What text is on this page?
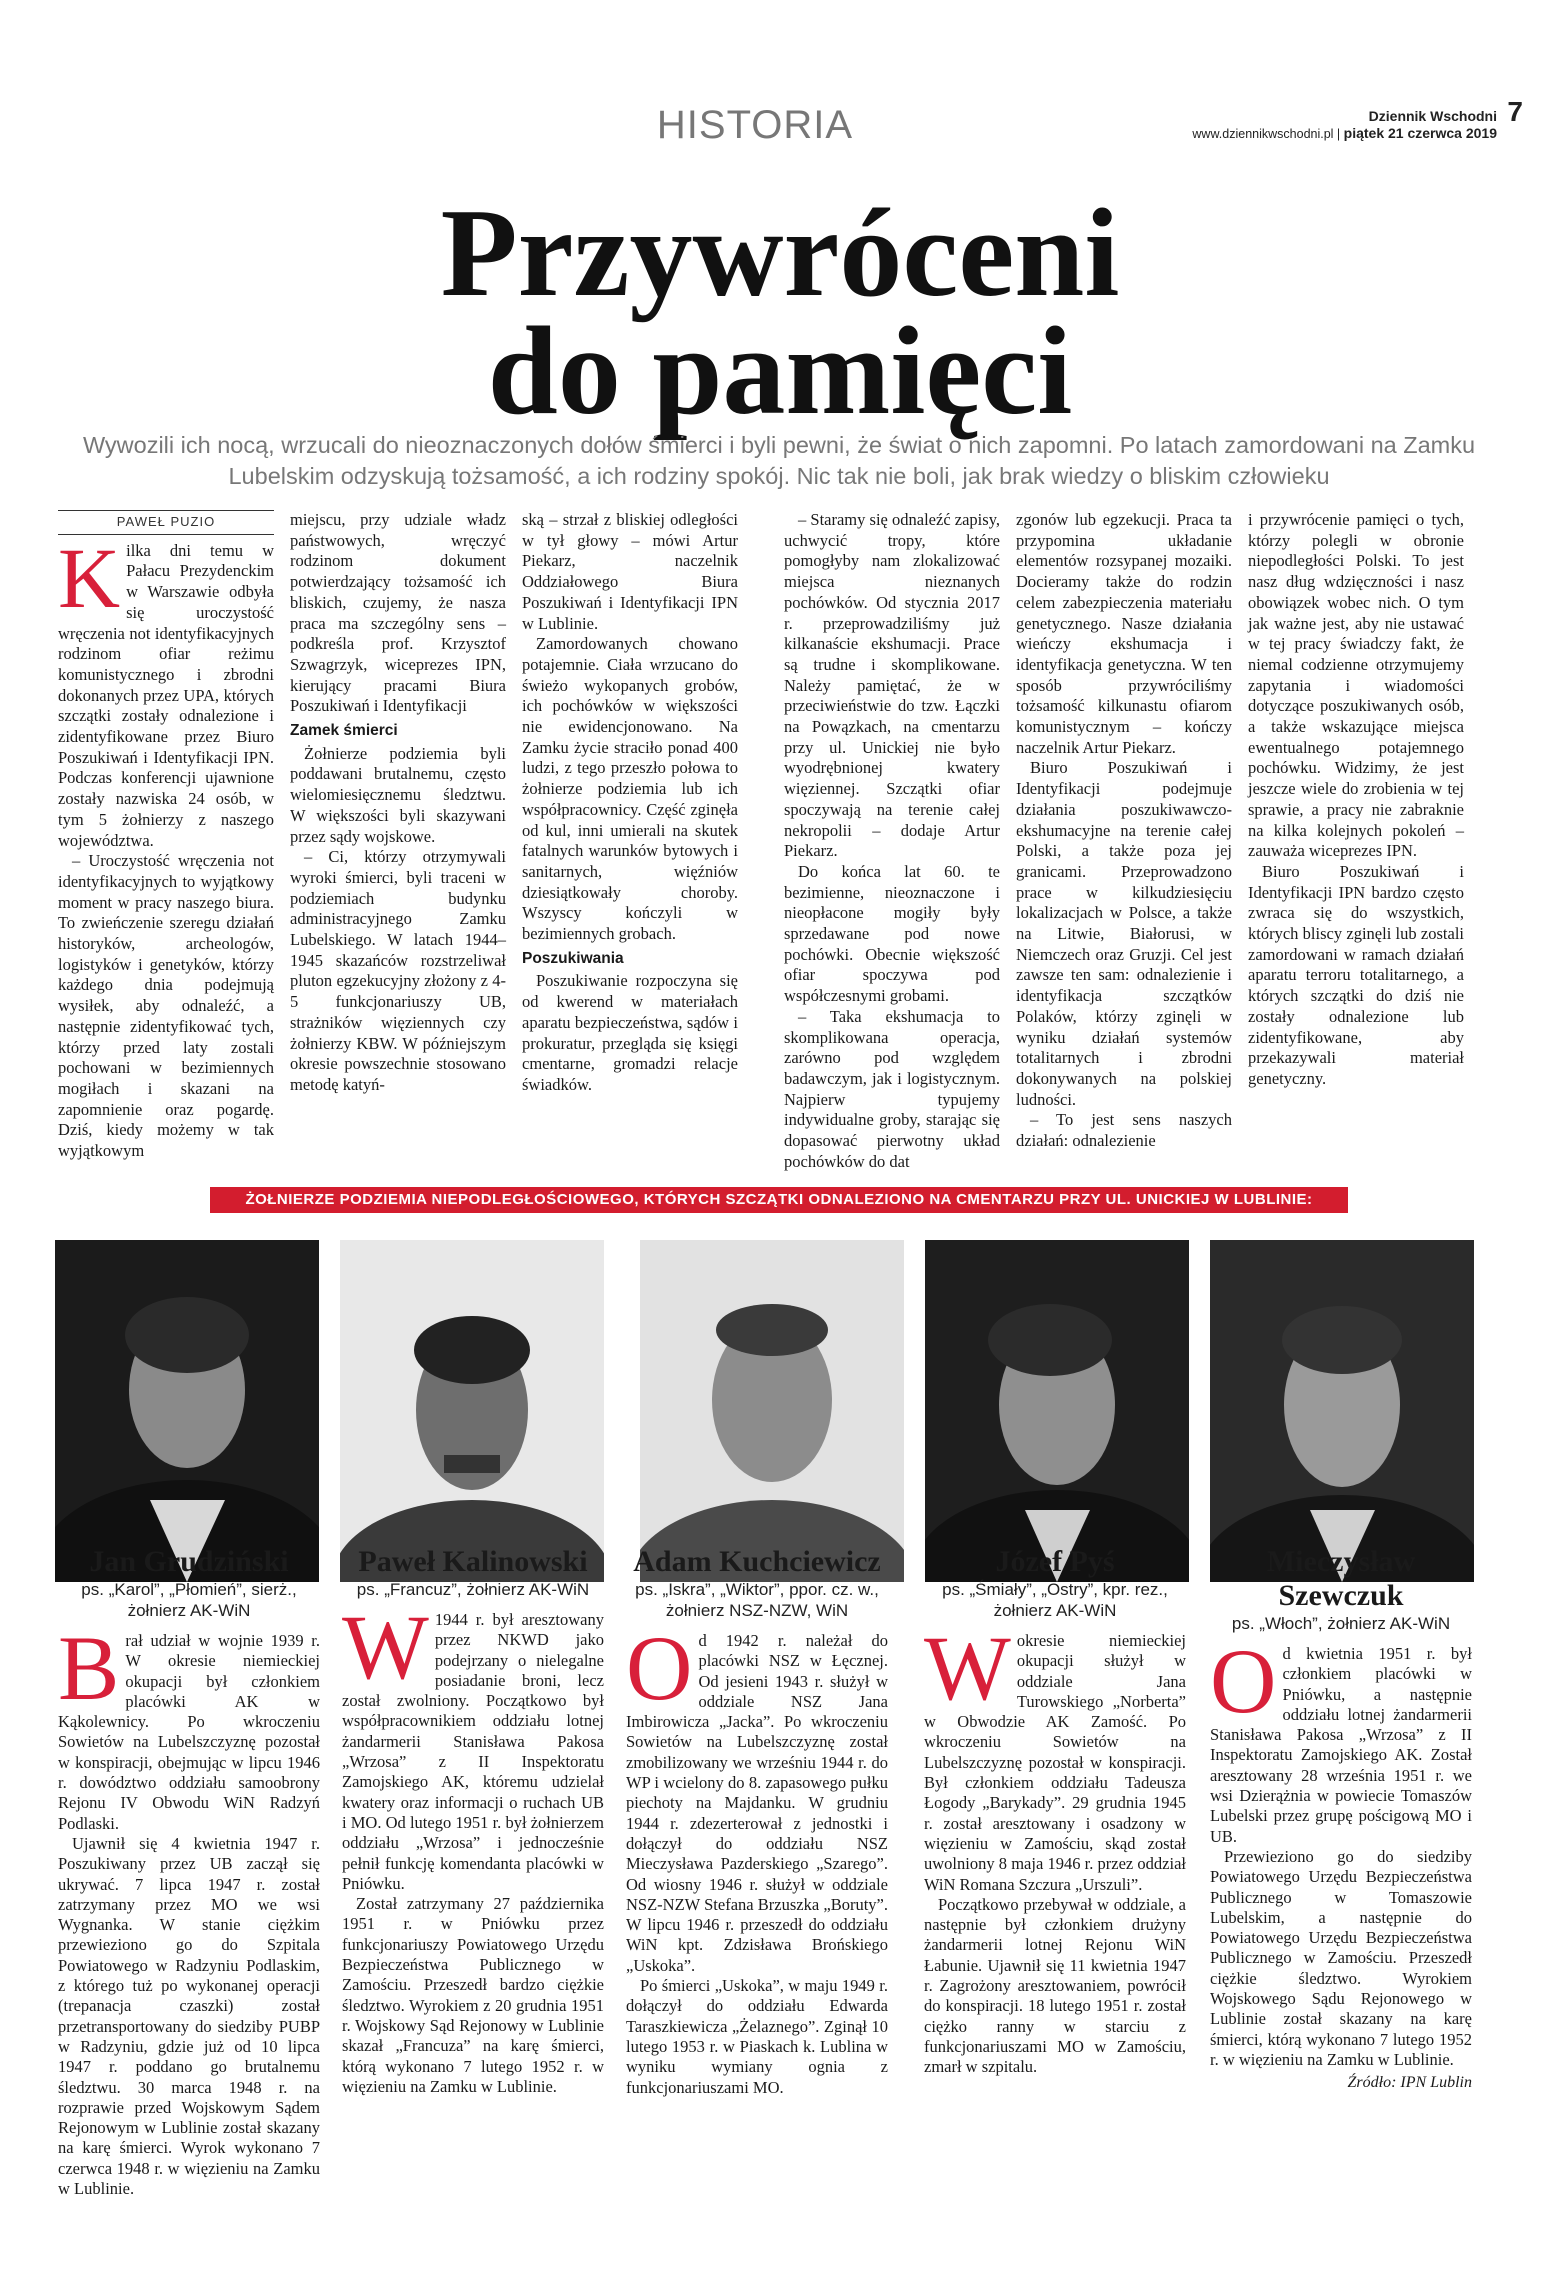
HISTORIA	Dziennik Wschodni
www.dziennikwschodni.pl | piątek 21 czerwca 2019
7
Przywróceni
do pamięci
Wywozili ich nocą, wrzucali do nieoznaczonych dołów śmierci i byli pewni, że świat o nich zapomni. Po latach zamordowani na Zamku Lubelskim odzyskują tożsamość, a ich rodziny spokój. Nic tak nie boli, jak brak wiedzy o bliskim człowieku
PAWEŁ PUZIO
K ilka dni temu w Pałacu Prezydenckim w Warszawie odbyła się uroczystość wręczenia not identyfikacyjnych rodzinom ofiar reżimu komunistycznego i zbrodni dokonanych przez UPA, których szczątki zostały odnalezione i zidentyfikowane przez Biuro Poszukiwań i Identyfikacji IPN. Podczas konferencji ujawnione zostały nazwiska 24 osób, w tym 5 żołnierzy z naszego województwa.

– Uroczystość wręczenia not identyfikacyjnych to wyjątkowy moment w pracy naszego biura. To zwieńczenie szeregu działań historyków, archeologów, logistyków i genetyków, którzy każdego dnia podejmują wysiłek, aby odnaleźć, a następnie zidentyfikować tych, którzy przed laty zostali pochowani w bezimiennych mogiłach i skazani na zapomnienie oraz pogardę. Dziś, kiedy możemy w tak wyjątkowym

miejscu, przy udziale władz państwowych, wręczyć rodzinom dokument potwierdzający tożsamość ich bliskich, czujemy, że nasza praca ma szczególny sens – podkreśla prof. Krzysztof Szwagrzyk, wiceprezes IPN, kierujący pracami Biura Poszukiwań i Identyfikacji

Zamek śmierci

Żołnierze podziemia byli poddawani brutalnemu, często wielomiesięcznemu śledztwu. W większości byli skazywani przez sądy wojskowe.

– Ci, którzy otrzymywali wyroki śmierci, byli traceni w podziemiach budynku administracyjnego Zamku Lubelskiego. W latach 1944–1945 skazańców rozstrzeliwał pluton egzekucyjny złożony z 4-5 funkcjonariuszy UB, strażników więziennych czy żołnierzy KBW. W późniejszym okresie powszechnie stosowano metodę katyń-

ską – strzał z bliskiej odległości w tył głowy – mówi Artur Piekarz, naczelnik Oddziałowego Biura Poszukiwań i Identyfikacji IPN w Lublinie.

Zamordowanych chowano potajemnie. Ciała wrzucano do świeżo wykopanych grobów, ich pochówków w większości nie ewidencjonowano. Na Zamku życie straciło ponad 400 ludzi, z tego przeszło połowa to żołnierze podziemia lub ich współpracownicy. Część zginęła od kul, inni umierali na skutek fatalnych warunków bytowych i sanitarnych, więźniów dziesiątkowały choroby. Wszyscy kończyli w bezimiennych grobach.

Poszukiwania

Poszukiwanie rozpoczyna się od kwerend w materiałach aparatu bezpieczeństwa, sądów i prokuratur, przegląda się księgi cmentarne, gromadzi relacje świadków.

– Staramy się odnaleźć zapisy, uchwycić tropy, które pomogłyby nam zlokalizować miejsca nieznanych pochówków. Od stycznia 2017 r. przeprowadziliśmy już kilkanaście ekshumacji. Prace są trudne i skomplikowane. Należy pamiętać, że w przeciwieństwie do tzw. Łączki na Powązkach, na cmentarzu przy ul. Unickiej nie było wyodrębnionej kwatery więziennej. Szczątki ofiar spoczywają na terenie całej nekropolii – dodaje Artur Piekarz.

Do końca lat 60. te bezimienne, nieoznaczone i nieopłacone mogiły były sprzedawane pod nowe pochówki. Obecnie większość ofiar spoczywa pod współczesnymi grobami.

– Taka ekshumacja to skomplikowana operacja, zarówno pod względem badawczym, jak i logistycznym. Najpierw typujemy indywidualne groby, starając się dopasować pierwotny układ pochówków do dat

zgonów lub egzekucji. Praca ta przypomina układanie elementów rozsypanej mozaiki. Docieramy także do rodzin celem zabezpieczenia materiału genetycznego. Nasze działania wieńczy ekshumacja i identyfikacja genetyczna. W ten sposób przywróciliśmy tożsamość kilkunastu ofiarom komunistycznym – kończy naczelnik Artur Piekarz.

Biuro Poszukiwań i Identyfikacji podejmuje działania poszukiwawczo-ekshumacyjne na terenie całej Polski, a także poza jej granicami. Przeprowadzono prace w kilkudziesięciu lokalizacjach w Polsce, a także na Litwie, Białorusi, w Niemczech oraz Gruzji. Cel jest zawsze ten sam: odnalezienie i identyfikacja szczątków Polaków, którzy zginęli w wyniku działań systemów totalitarnych i zbrodni dokonywanych na polskiej ludności.

– To jest sens naszych działań: odnalezienie

i przywrócenie pamięci o tych, którzy polegli w obronie niepodległości Polski. To jest nasz dług wdzięczności i nasz obowiązek wobec nich. O tym jak ważne jest, aby nie ustawać w tej pracy świadczy fakt, że niemal codzienne otrzymujemy zapytania i wiadomości dotyczące poszukiwanych osób, a także wskazujące miejsca ewentualnego potajemnego pochówku. Widzimy, że jest jeszcze wiele do zrobienia w tej sprawie, a pracy nie zabraknie na kilka kolejnych pokoleń – zauważa wiceprezes IPN.

Biuro Poszukiwań i Identyfikacji IPN bardzo często zwraca się do wszystkich, których bliscy zginęli lub zostali zamordowani w ramach działań aparatu terroru totalitarnego, a których szczątki do dziś nie zostały odnalezione lub zidentyfikowane, aby przekazywali materiał genetyczny.

ŻOŁNIERZE PODZIEMIA NIEPODLEGŁOŚCIOWEGO, KTÓRYCH SZCZĄTKI ODNALEZIONO NA CMENTARZU PRZY UL. UNICKIEJ W LUBLINIE:
Jan Grudziński
ps. „Karol”, „Płomień”, sierż., żołnierz AK-WiN
B rał udział w wojnie 1939 r. W okresie niemieckiej okupacji był członkiem placówki AK w Kąkolewnicy. Po wkroczeniu Sowietów na Lubelszczyznę pozostał w konspiracji, obejmując w lipcu 1946 r. dowództwo oddziału samoobrony Rejonu IV Obwodu WiN Radzyń Podlaski.
Ujawnił się 4 kwietnia 1947 r. Poszukiwany przez UB zaczął się ukrywać. 7 lipca 1947 r. został zatrzymany przez MO we wsi Wygnanka. W stanie ciężkim przewieziono go do Szpitala Powiatowego w Radzyniu Podlaskim, z którego tuż po wykonanej operacji (trepanacja czaszki) został przetransportowany do siedziby PUBP w Radzyniu, gdzie już od 10 lipca 1947 r. poddano go brutalnemu śledztwu. 30 marca 1948 r. na rozprawie przed Wojskowym Sądem Rejonowym w Lublinie został skazany na karę śmierci. Wyrok wykonano 7 czerwca 1948 r. w więzieniu na Zamku w Lublinie.
Paweł Kalinowski
ps. „Francuz”, żołnierz AK-WiN
W 1944 r. był aresztowany przez NKWD jako podejrzany o nielegalne posiadanie broni, lecz został zwolniony. Początkowo był współpracownikiem oddziału lotnej żandarmerii Stanisława Pakosa „Wrzosa” z II Inspektoratu Zamojskiego AK, któremu udzielał kwatery oraz informacji o ruchach UB i MO. Od lutego 1951 r. był żołnierzem oddziału „Wrzosa” i jednocześnie pełnił funkcję komendanta placówki w Pniówku.
Został zatrzymany 27 października 1951 r. w Pniówku przez funkcjonariuszy Powiatowego Urzędu Bezpieczeństwa Publicznego w Zamościu. Przeszedł bardzo ciężkie śledztwo. Wyrokiem z 20 grudnia 1951 r. Wojskowy Sąd Rejonowy w Lublinie skazał „Francuza” na karę śmierci, którą wykonano 7 lutego 1952 r. w więzieniu na Zamku w Lublinie.
Adam Kuchciewicz
ps. „Iskra”, „Wiktor”, ppor. cz. w., żołnierz NSZ-NZW, WiN
O d 1942 r. należał do placówki NSZ w Łęcznej. Od jesieni 1943 r. służył w oddziale NSZ Jana Imbirowicza „Jacka”. Po wkroczeniu Sowietów na Lubelszczyznę został zmobilizowany we wrześniu 1944 r. do WP i wcielony do 8. zapasowego pułku piechoty na Majdanku. W grudniu 1944 r. zdezerterował z jednostki i dołączył do oddziału NSZ Mieczysława Pazderskiego „Szarego”. Od wiosny 1946 r. służył w oddziale NSZ-NZW Stefana Brzuszka „Boruty”. W lipcu 1946 r. przeszedł do oddziału WiN kpt. Zdzisława Brońskiego „Uskoka”.
Po śmierci „Uskoka”, w maju 1949 r. dołączył do oddziału Edwarda Taraszkiewicza „Żelaznego”. Zginął 10 lutego 1953 r. w Piaskach k. Lublina w wyniku wymiany ognia z funkcjonariuszami MO.
Józef Pyś
ps. „Śmiały”, „Ostry”, kpr. rez., żołnierz AK-WiN
W okresie niemieckiej okupacji służył w oddziale Jana Turowskiego „Norberta” w Obwodzie AK Zamość. Po wkroczeniu Sowietów na Lubelszczyznę pozostał w konspiracji. Był członkiem oddziału Tadeusza Łogody „Barykady”. 29 grudnia 1945 r. został aresztowany i osadzony w więzieniu w Zamościu, skąd został uwolniony 8 maja 1946 r. przez oddział WiN Romana Szczura „Urszuli”.
Początkowo przebywał w oddziale, a następnie był członkiem drużyny żandarmerii lotnej Rejonu WiN Łabunie. Ujawnił się 11 kwietnia 1947 r. Zagrożony aresztowaniem, powrócił do konspiracji. 18 lutego 1951 r. został ciężko ranny w starciu z funkcjonariuszami MO w Zamościu, zmarł w szpitalu.
Mieczysław Szewczuk
ps. „Włoch”, żołnierz AK-WiN
O d kwietnia 1951 r. był członkiem placówki w Pniówku, a następnie oddziału lotnej żandarmerii Stanisława Pakosa „Wrzosa” z II Inspektoratu Zamojskiego AK. Został aresztowany 28 września 1951 r. we wsi Dzierążnia w powiecie Tomaszów Lubelski przez grupę pościgową MO i UB.
Przewieziono go do siedziby Powiatowego Urzędu Bezpieczeństwa Publicznego w Tomaszowie Lubelskim, a następnie do Powiatowego Urzędu Bezpieczeństwa Publicznego w Zamościu. Przeszedł ciężkie śledztwo. Wyrokiem Wojskowego Sądu Rejonowego w Lublinie został skazany na karę śmierci, którą wykonano 7 lutego 1952 r. w więzieniu na Zamku w Lublinie.
Źródło: IPN Lublin
